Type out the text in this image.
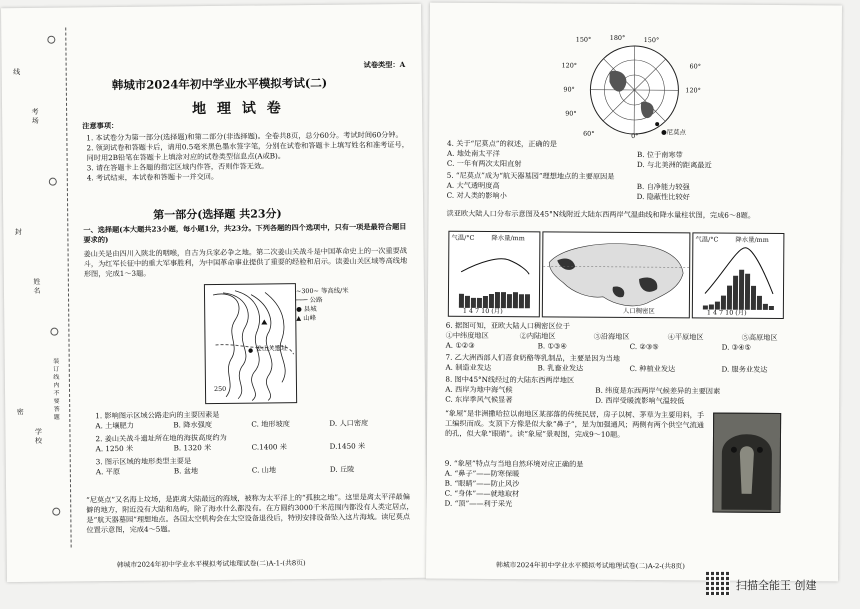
线
封
密
考场
姓名
学校
装订线内不要答题
试卷类型：A
韩城市2024年初中学业水平模拟考试(二)
地 理 试 卷
注意事项：
1. 本试卷分为第一部分(选择题)和第二部分(非选择题)。全卷共8页，总分60分。考试时间60分钟。
2. 领到试卷和答题卡后，请用0.5毫米黑色墨水签字笔，分别在试卷和答题卡上填写姓名和准考证号，同时用2B铅笔在答题卡上填涂对应的试卷类型信息点(A或B)。
3. 请在答题卡上各题的指定区域内作答，否则作答无效。
4. 考试结束，本试卷和答题卡一并交回。
第一部分(选择题 共23分)
一、选择题(本大题共23小题，每小题1分，共23分。下列各题的四个选项中，只有一项是最符合题目要求的)
姜山关是由四川入陕北的咽喉，自古为兵家必争之地。第二次姜山关战斗是中国革命史上的一次重要战斗，为红军长征中的重大军事胜利，为中国革命事业提供了重要的经验和启示。读姜山关区域等高线地形图，完成1～3题。
姜山关遗址
250
~300~ 等高线/米
─── 公路
● 县城
▲ 山峰
1. 影响图示区域公路走向的主要因素是
A. 土壤肥力	B. 降水强度	C. 地形坡度	D. 人口密度
2. 姜山关战斗遗址所在地的海拔高度约为
A. 1250 米	B. 1320 米	C.1400 米	D.1450 米
3. 图示区域的地形类型主要是
A. 平原	B. 盆地	C. 山地	D. 丘陵
“尼莫点”又名海上坟场，是距离大陆最远的海域，被称为太平洋上的“孤独之地”。这里是离太平洋最偏僻的地方，附近没有大陆和岛屿，除了海水什么都没有。在方圆约3000千米范围内都没有人类定居点，是“航天器墓园”理想地点。各国太空机构会在太空设备退役后，特别安排设备坠入这片海域。读尼莫点位置示意图，完成4～5题。
韩城市2024年初中学业水平模拟考试地理试卷(二)A-1-(共8页)
150°	180°	150°
120°	60°
90°	120°
90°
60°	0°	●尼莫点
4. 关于“尼莫点”的叙述，正确的是
A. 地处南太平洋	B. 位于南寒带
C. 一年有两次太阳直射	D. 与北美洲的距离最近
5. “尼莫点”成为“航天器墓园”理想地点的主要原因是
A. 大气透明度高	B. 自净能力较强
C. 对人类的影响小	D. 隐蔽性比较好
读亚欧大陆人口分布示意图及45°N线附近大陆东西两岸气温曲线和降水量柱状图，完成6～8题。
气温/°C	降水量/mm
1 4 7 10 (月)	人口稠密区
气温/°C	降水量/mm
1 4 7 10 (月)
6. 据图可知，亚欧大陆人口稠密区位于
①中纬度地区	②内陆地区	③沿海地区	④平原地区	⑤高原地区
A. ①②③	B. ①③④	C. ②③⑤	D. ③④⑤
7. 乙大洲西部人们喜食奶酪等乳制品，主要是因为当地
A. 制造业发达	B. 乳畜业发达	C. 种植业发达	D. 服务业发达
8. 图中45°N线经过的大陆东西两岸地区
A. 西岸为地中海气候	B. 纬度是东西两岸气候差异的主要因素
C. 东岸季风气候显著	D. 西岸受暖流影响气温较低
“象屋”是非洲撒哈拉以南地区某部落的传统民居，房子以树、茅草为主要用料，手工编织而成。支顶下方像是似大象“鼻子”，是为加强通风；两侧有两个供空气流通的孔，似大象“眼睛”。读“象屋”景观图，完成9～10题。
9. “象屋”特点与当地自然环境对应正确的是
A. “鼻子”——防寒保暖
B. “眼睛”——防止风沙
C. “身体”——就地取材
D. “顶”——利于采光
韩城市2024年初中学业水平模拟考试地理试卷(二)A-2-(共8页)
扫描全能王 创建
